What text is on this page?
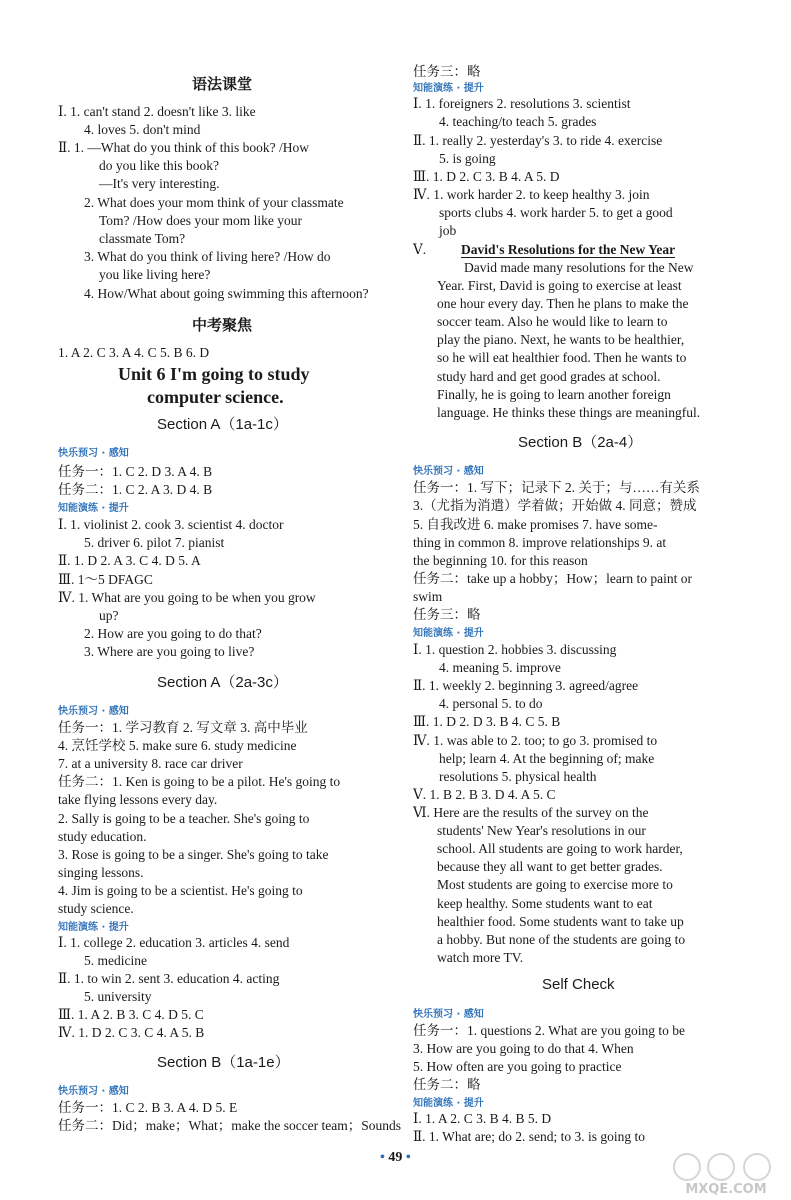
语法课堂
Ⅰ. 1. can't stand 2. doesn't like 3. like
4. loves 5. don't mind
Ⅱ. 1. —What do you think of this book? /How
do you like this book?
—It's very interesting.
2. What does your mom think of your classmate
Tom? /How does your mom like your
classmate Tom?
3. What do you think of living here? /How do
you like living here?
4. How/What about going swimming this afternoon?
中考聚焦
1. A 2. C 3. A 4. C 5. B 6. D
Unit 6 I'm going to study
computer science.
Section A（1a-1c）
快乐预习 · 感知
任务一：1. C 2. D 3. A 4. B
任务二：1. C 2. A 3. D 4. B
知能演练 · 提升
Ⅰ. 1. violinist 2. cook 3. scientist 4. doctor
5. driver 6. pilot 7. pianist
Ⅱ. 1. D 2. A 3. C 4. D 5. A
Ⅲ. 1～5 DFAGC
Ⅳ. 1. What are you going to be when you grow
up?
2. How are you going to do that?
3. Where are you going to live?
Section A（2a-3c）
快乐预习 · 感知
任务一：1. 学习教育 2. 写文章 3. 高中毕业
4. 烹饪学校 5. make sure 6. study medicine
7. at a university 8. race car driver
任务二：1. Ken is going to be a pilot. He's going to
take flying lessons every day.
2. Sally is going to be a teacher. She's going to
study education.
3. Rose is going to be a singer. She's going to take
singing lessons.
4. Jim is going to be a scientist. He's going to
study science.
知能演练 · 提升
Ⅰ. 1. college 2. education 3. articles 4. send
5. medicine
Ⅱ. 1. to win 2. sent 3. education 4. acting
5. university
Ⅲ. 1. A 2. B 3. C 4. D 5. C
Ⅳ. 1. D 2. C 3. C 4. A 5. B
Section B（1a-1e）
快乐预习 · 感知
任务一：1. C 2. B 3. A 4. D 5. E
任务二：Did；make；What；make the soccer team；Sounds
任务三：略
知能演练 · 提升
Ⅰ. 1. foreigners 2. resolutions 3. scientist
4. teaching/to teach 5. grades
Ⅱ. 1. really 2. yesterday's 3. to ride 4. exercise
5. is going
Ⅲ. 1. D 2. C 3. B 4. A 5. D
Ⅳ. 1. work harder 2. to keep healthy 3. join
sports clubs 4. work harder 5. to get a good
job
Ⅴ.	David's Resolutions for the New Year
David made many resolutions for the New
Year. First, David is going to exercise at least
one hour every day. Then he plans to make the
soccer team. Also he would like to learn to
play the piano. Next, he wants to be healthier,
so he will eat healthier food. Then he wants to
study hard and get good grades at school.
Finally, he is going to learn another foreign
language. He thinks these things are meaningful.
Section B（2a-4）
快乐预习 · 感知
任务一：1. 写下；记录下 2. 关于；与……有关系
3.（尤指为消遣）学着做；开始做 4. 同意；赞成
5. 自我改进 6. make promises 7. have some-
thing in common 8. improve relationships 9. at
the beginning 10. for this reason
任务二：take up a hobby；How；learn to paint or
swim
任务三：略
知能演练 · 提升
Ⅰ. 1. question 2. hobbies 3. discussing
4. meaning 5. improve
Ⅱ. 1. weekly 2. beginning 3. agreed/agree
4. personal 5. to do
Ⅲ. 1. D 2. D 3. B 4. C 5. B
Ⅳ. 1. was able to 2. too; to go 3. promised to
help; learn 4. At the beginning of; make
resolutions 5. physical health
Ⅴ. 1. B 2. B 3. D 4. A 5. C
Ⅵ. Here are the results of the survey on the
students' New Year's resolutions in our
school. All students are going to work harder,
because they all want to get better grades.
Most students are going to exercise more to
keep healthy. Some students want to eat
healthier food. Some students want to take up
a hobby. But none of the students are going to
watch more TV.
Self Check
快乐预习 · 感知
任务一：1. questions 2. What are you going to be
3. How are you going to do that 4. When
5. How often are you going to practice
任务二：略
知能演练 · 提升
Ⅰ. 1. A 2. C 3. B 4. B 5. D
Ⅱ. 1. What are; do 2. send; to 3. is going to
• 49 •
MXQE.COM
